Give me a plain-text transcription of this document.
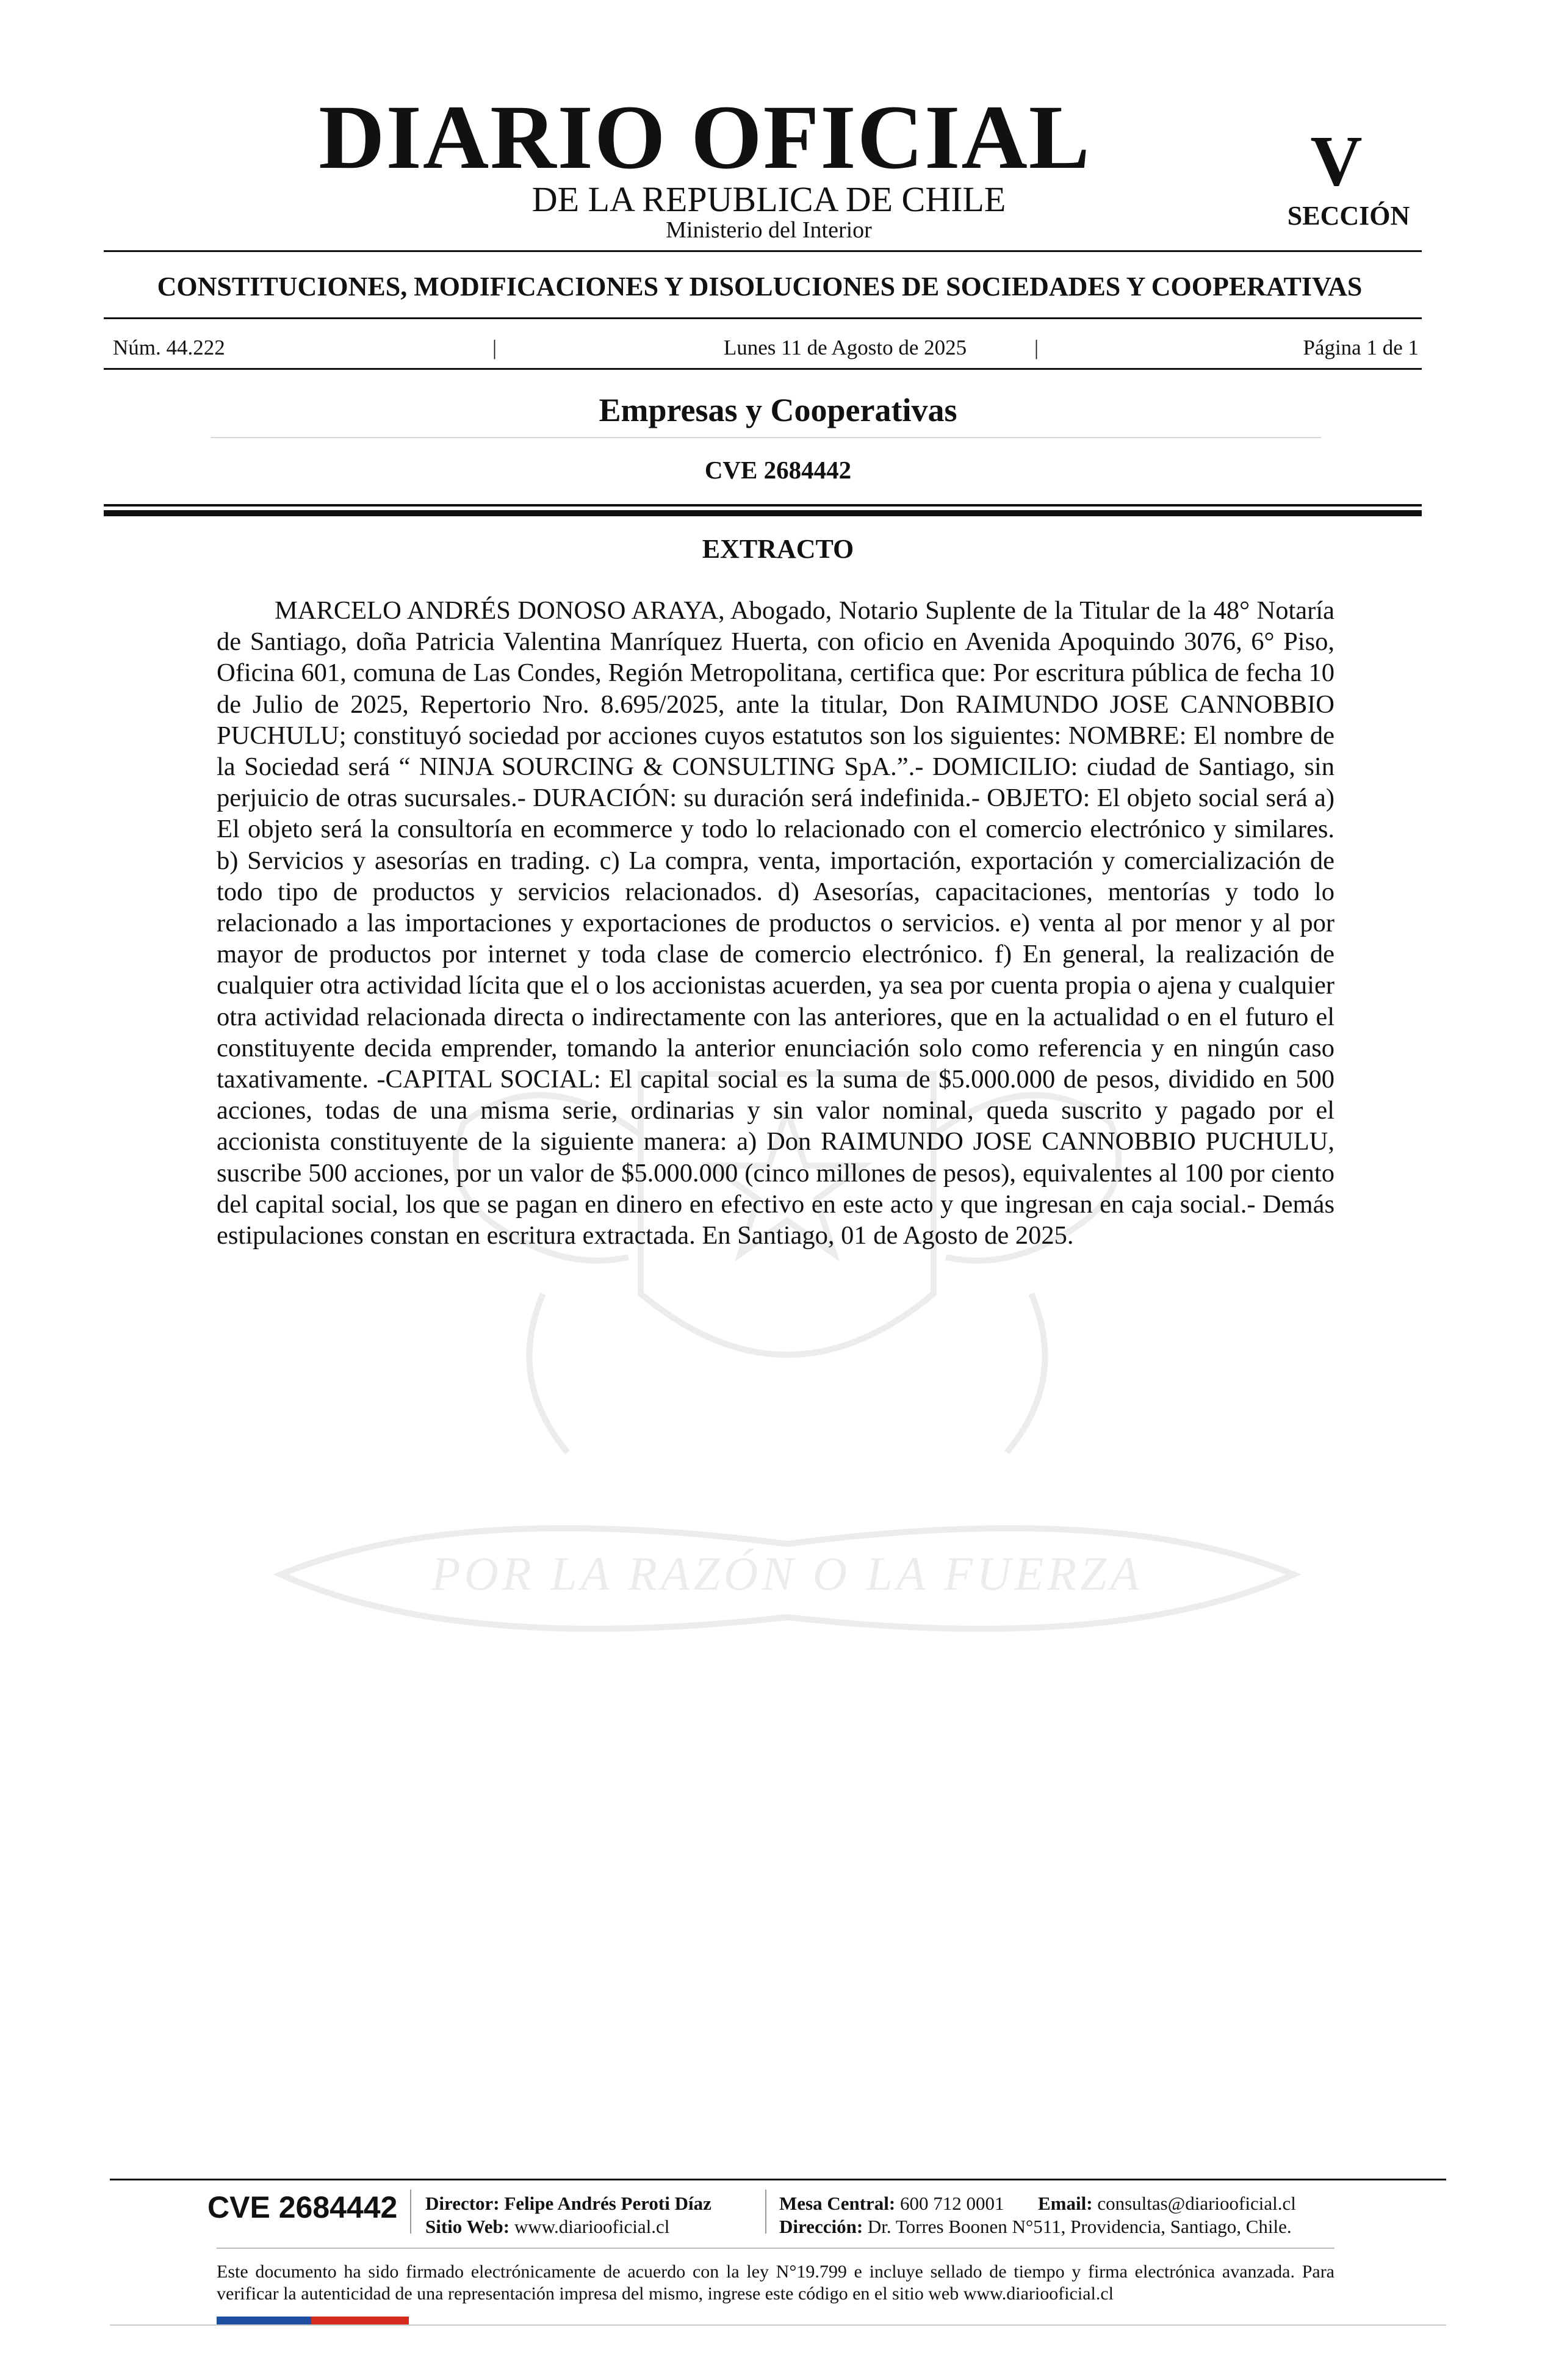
POR LA RAZÓN O LA FUERZA
DIARIO OFICIAL
DE LA REPUBLICA DE CHILE
Ministerio del Interior
V
SECCIÓN
CONSTITUCIONES, MODIFICACIONES Y DISOLUCIONES DE SOCIEDADES Y COOPERATIVAS
Núm. 44.222	|	Lunes 11 de Agosto de 2025	|	Página 1 de 1
Empresas y Cooperativas
CVE 2684442
EXTRACTO

MARCELO ANDRÉS DONOSO ARAYA, Abogado, Notario Suplente de la Titular de la 48° Notaría de Santiago, doña Patricia Valentina Manríquez Huerta, con oficio en Avenida Apoquindo 3076, 6° Piso, Oficina 601, comuna de Las Condes, Región Metropolitana, certifica que: Por escritura pública de fecha 10 de Julio de 2025, Repertorio Nro. 8.695/2025, ante la titular, Don RAIMUNDO JOSE CANNOBBIO PUCHULU; constituyó sociedad por acciones cuyos estatutos son los siguientes: NOMBRE: El nombre de la Sociedad será “ NINJA SOURCING & CONSULTING SpA.”.- DOMICILIO: ciudad de Santiago, sin perjuicio de otras sucursales.- DURACIÓN: su duración será indefinida.- OBJETO: El objeto social será a) El objeto será la consultoría en ecommerce y todo lo relacionado con el comercio electrónico y similares. b) Servicios y asesorías en trading. c) La compra, venta, importación, exportación y comercialización de todo tipo de productos y servicios relacionados. d) Asesorías, capacitaciones, mentorías y todo lo relacionado a las importaciones y exportaciones de productos o servicios. e) venta al por menor y al por mayor de productos por internet y toda clase de comercio electrónico. f) En general, la realización de cualquier otra actividad lícita que el o los accionistas acuerden, ya sea por cuenta propia o ajena y cualquier otra actividad relacionada directa o indirectamente con las anteriores, que en la actualidad o en el futuro el constituyente decida emprender, tomando la anterior enunciación solo como referencia y en ningún caso taxativamente. -CAPITAL SOCIAL: El capital social es la suma de $5.000.000 de pesos, dividido en 500 acciones, todas de una misma serie, ordinarias y sin valor nominal, queda suscrito y pagado por el accionista constituyente de la siguiente manera: a) Don RAIMUNDO JOSE CANNOBBIO PUCHULU, suscribe 500 acciones, por un valor de $5.000.000 (cinco millones de pesos), equivalentes al 100 por ciento del capital social, los que se pagan en dinero en efectivo en este acto y que ingresan en caja social.- Demás estipulaciones constan en escritura extractada. En Santiago, 01 de Agosto de 2025.

CVE 2684442 Director: Felipe Andrés Peroti Díaz
Sitio Web: www.diariooficial.cl
Mesa Central: 600 712 0001 Email: consultas@diariooficial.cl
Dirección: Dr. Torres Boonen N°511, Providencia, Santiago, Chile.

Este documento ha sido firmado electrónicamente de acuerdo con la ley N°19.799 e incluye sellado de tiempo y firma electrónica avanzada. Para verificar la autenticidad de una representación impresa del mismo, ingrese este código en el sitio web www.diariooficial.cl
